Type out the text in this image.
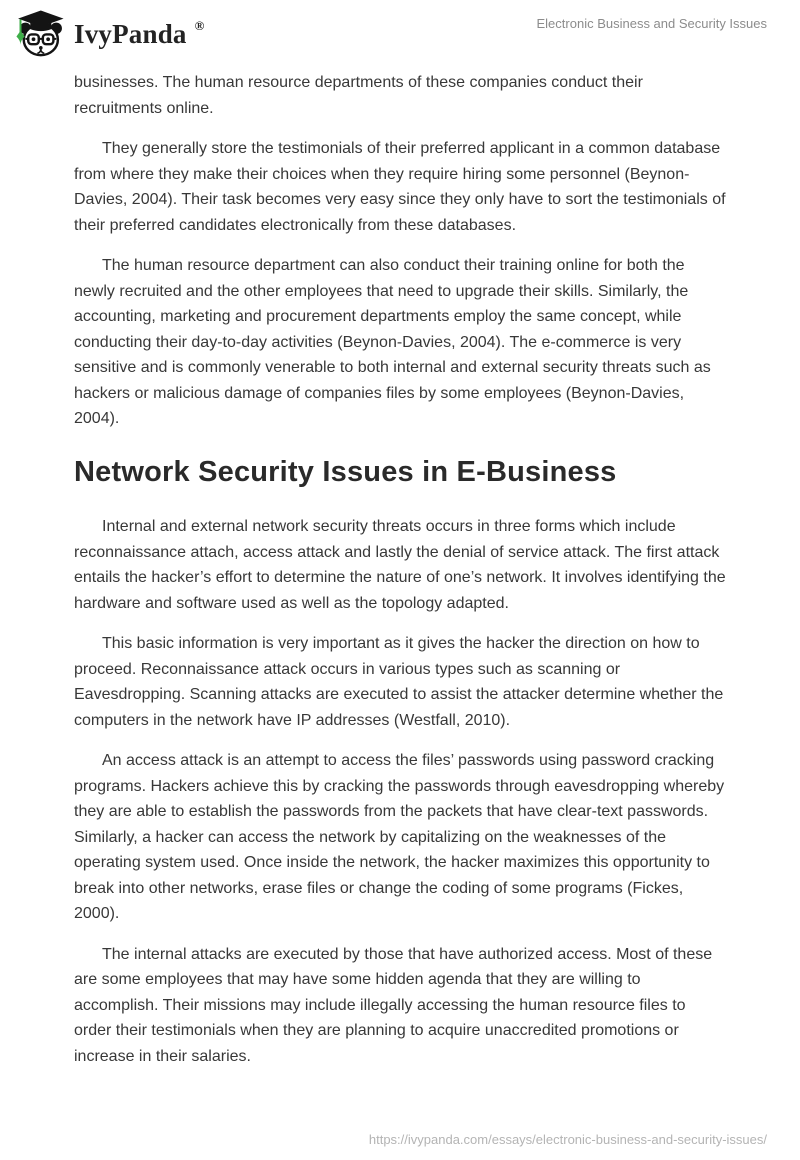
IvyPanda ®	Electronic Business and Security Issues

businesses. The human resource departments of these companies conduct their recruitments online.

They generally store the testimonials of their preferred applicant in a common database from where they make their choices when they require hiring some personnel (Beynon-Davies, 2004). Their task becomes very easy since they only have to sort the testimonials of their preferred candidates electronically from these databases.

The human resource department can also conduct their training online for both the newly recruited and the other employees that need to upgrade their skills. Similarly, the accounting, marketing and procurement departments employ the same concept, while conducting their day-to-day activities (Beynon-Davies, 2004). The e-commerce is very sensitive and is commonly venerable to both internal and external security threats such as hackers or malicious damage of companies files by some employees (Beynon-Davies, 2004).

Network Security Issues in E-Business

Internal and external network security threats occurs in three forms which include reconnaissance attach, access attack and lastly the denial of service attack. The first attack entails the hacker’s effort to determine the nature of one’s network. It involves identifying the hardware and software used as well as the topology adapted.

This basic information is very important as it gives the hacker the direction on how to proceed. Reconnaissance attack occurs in various types such as scanning or Eavesdropping. Scanning attacks are executed to assist the attacker determine whether the computers in the network have IP addresses (Westfall, 2010).

An access attack is an attempt to access the files’ passwords using password cracking programs. Hackers achieve this by cracking the passwords through eavesdropping whereby they are able to establish the passwords from the packets that have clear-text passwords. Similarly, a hacker can access the network by capitalizing on the weaknesses of the operating system used. Once inside the network, the hacker maximizes this opportunity to break into other networks, erase files or change the coding of some programs (Fickes, 2000).

The internal attacks are executed by those that have authorized access. Most of these are some employees that may have some hidden agenda that they are willing to accomplish. Their missions may include illegally accessing the human resource files to order their testimonials when they are planning to acquire unaccredited promotions or increase in their salaries.

https://ivypanda.com/essays/electronic-business-and-security-issues/
